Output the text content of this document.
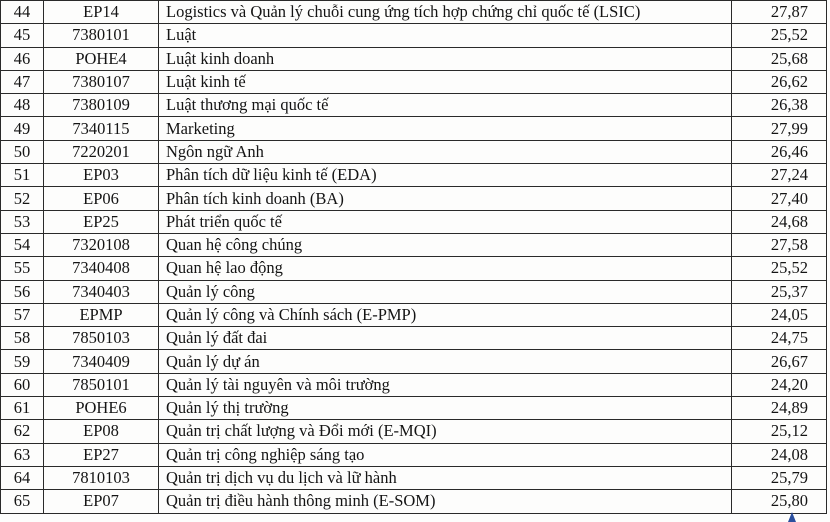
44	EP14	Logistics và Quản lý chuỗi cung ứng tích hợp chứng chỉ quốc tế (LSIC)	27,87
45	7380101	Luật	25,52
46	POHE4	Luật kinh doanh	25,68
47	7380107	Luật kinh tế	26,62
48	7380109	Luật thương mại quốc tế	26,38
49	7340115	Marketing	27,99
50	7220201	Ngôn ngữ Anh	26,46
51	EP03	Phân tích dữ liệu kinh tế (EDA)	27,24
52	EP06	Phân tích kinh doanh (BA)	27,40
53	EP25	Phát triển quốc tế	24,68
54	7320108	Quan hệ công chúng	27,58
55	7340408	Quan hệ lao động	25,52
56	7340403	Quản lý công	25,37
57	EPMP	Quản lý công và Chính sách (E-PMP)	24,05
58	7850103	Quản lý đất đai	24,75
59	7340409	Quản lý dự án	26,67
60	7850101	Quản lý tài nguyên và môi trường	24,20
61	POHE6	Quản lý thị trường	24,89
62	EP08	Quản trị chất lượng và Đổi mới (E-MQI)	25,12
63	EP27	Quản trị công nghiệp sáng tạo	24,08
64	7810103	Quản trị dịch vụ du lịch và lữ hành	25,79
65	EP07	Quản trị điều hành thông minh (E-SOM)	25,80
